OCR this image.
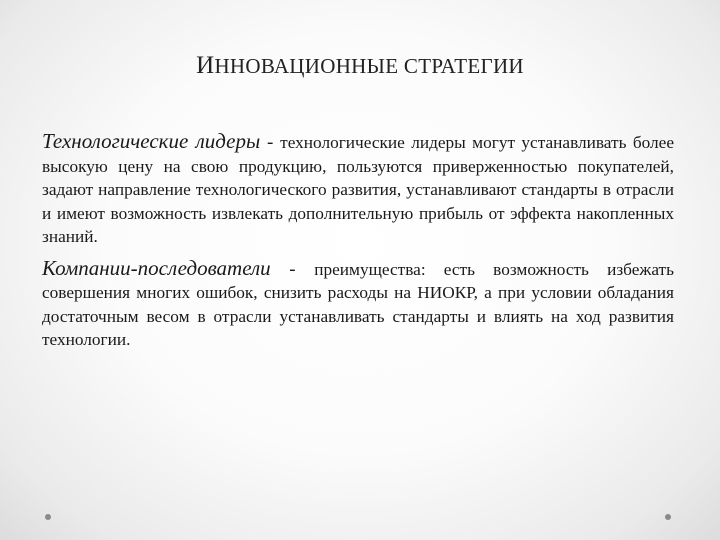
ИННОВАЦИОННЫЕ СТРАТЕГИИ

Технологические лидеры - технологические лидеры могут устанавливать более высокую цену на свою продукцию, пользуются приверженностью покупателей, задают направление технологического развития, устанавливают стандарты в отрасли и имеют возможность извлекать дополнительную прибыль от эффекта накопленных знаний.

Компании-последователи - преимущества: есть возможность избежать совершения многих ошибок, снизить расходы на НИОКР, а при условии обладания достаточным весом в отрасли устанавливать стандарты и влиять на ход развития технологии.
